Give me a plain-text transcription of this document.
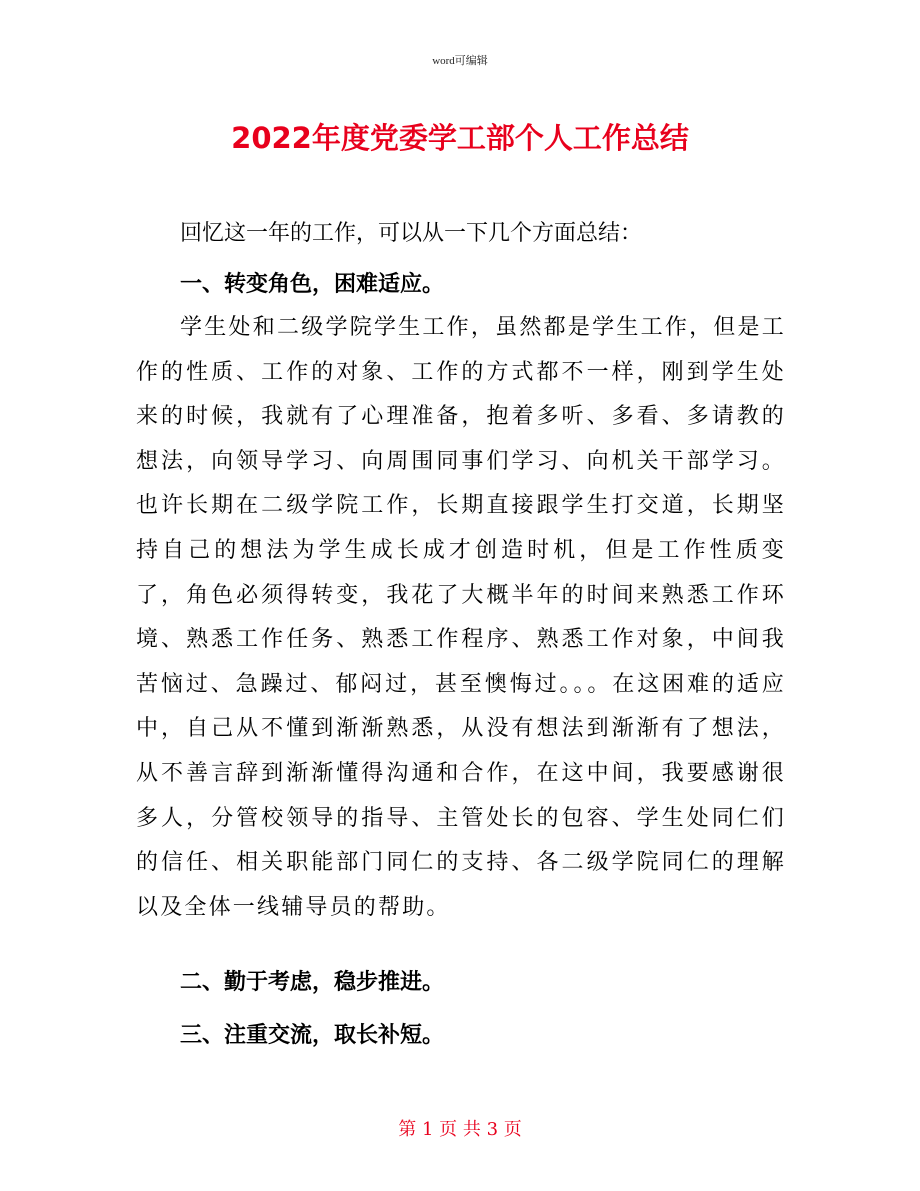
word可编辑
2022年度党委学工部个人工作总结

回忆这一年的工作，可以从一下几个方面总结：

一、转变角色，困难适应。

学生处和二级学院学生工作，虽然都是学生工作，但是工作的性质、工作的对象、工作的方式都不一样，刚到学生处来的时候，我就有了心理准备，抱着多听、多看、多请教的想法，向领导学习、向周围同事们学习、向机关干部学习。也许长期在二级学院工作，长期直接跟学生打交道，长期坚持自己的想法为学生成长成才创造时机，但是工作性质变了，角色必须得转变，我花了大概半年的时间来熟悉工作环境、熟悉工作任务、熟悉工作程序、熟悉工作对象，中间我苦恼过、急躁过、郁闷过，甚至懊悔过。。。在这困难的适应中，自己从不懂到渐渐熟悉，从没有想法到渐渐有了想法，从不善言辞到渐渐懂得沟通和合作，在这中间，我要感谢很多人，分管校领导的指导、主管处长的包容、学生处同仁们的信任、相关职能部门同仁的支持、各二级学院同仁的理解以及全体一线辅导员的帮助。

二、勤于考虑，稳步推进。

三、注重交流，取长补短。

第 1 页 共 3 页
